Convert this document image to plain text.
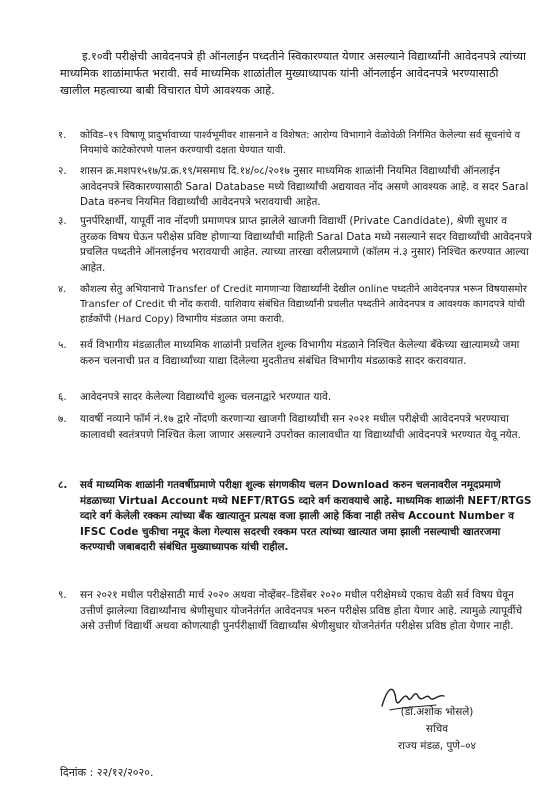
इ.१०वी परीक्षेची आवेदनपत्रे ही ऑनलाईन पध्दतीने स्विकारण्यात येणार असल्याने विद्यार्थ्यांनी आवेदनपत्रे त्यांच्या माध्यमिक शाळांमार्फत भरावी. सर्व माध्यमिक शाळांतील मुख्याध्यापक यांनी ऑनलाईन आवेदनपत्रे भरण्यासाठी खालील महत्वाच्या बाबी विचारात घेणे आवश्यक आहे.
१.	कोविड–१९ विषाणू प्रादुर्भावाच्या पार्श्वभूमीवर शासनाने व विशेषत: आरोग्य विभागाने वेळोवेळी निर्गमित केलेल्या सर्व सूचनांचे व नियमांचे काटेकोरपणे पालन करण्याची दक्षता घेण्यात यावी.
२.	शासन क्र.मशप१५१७/प्र.क्र.१९/मसमाध दि.१४/०८/२०१७ नुसार माध्यमिक शाळांनी नियमित विद्यार्थ्यांची ऑनलाईन आवेदनपत्रे स्विकारण्यासाठी Saral Database मध्ये विद्यार्थ्यांची अद्ययावत नोंद असणे आवश्यक आहे. व सदर Saral Data वरुनच नियमित विद्यार्थ्यांची आवेदनपत्रे भरावयाची आहेत.
३.	पुनर्परिक्षार्थी, यापूर्वी नाव नोंदणी प्रमाणपत्र प्राप्त झालेले खाजगी विद्यार्थी (Private Candidate), श्रेणी सुधार व तुरळक विषय घेऊन परीक्षेस प्रविष्ट होणाऱ्या विद्यार्थ्यांची माहिती Saral Data मध्ये नसल्याने सदर विद्यार्थ्यांची आवेदनपत्रे प्रचलित पध्दतीने ऑनलाईनच भरावयाची आहेत. त्याच्या तारखा वरीलप्रमाणे (कॉलम नं.३ नुसार) निश्चित करण्यात आल्या आहेत.
४.	कौशल्य सेतु अभियानाचे Transfer of Credit मागणाऱ्या विद्यार्थ्यांनी देखील online पध्दतीने आवेदनपत्र भरून विषयासमोर Transfer of Credit ची नोंद करावी. याशिवाय संबंधित विद्यार्थ्यांनी प्रचलीत पध्दतीने आवेदनपत्र व आवश्यक कागदपत्रे यांची हार्डकॉपी (Hard Copy) विभागीय मंडळात जमा करावी.
५.	सर्व विभागीय मंडळातील माध्यमिक शाळांनी प्रचलित शुल्क विभागीय मंडळाने निश्चित केलेल्या बँकेच्या खात्यामध्ये जमा करुन चलनाची प्रत व विद्यार्थ्यांच्या याद्या दिलेल्या मुदतीतच संबंधित विभागीय मंडळाकडे सादर करावयात.
६.	आवेदनपत्रे सादर केलेल्या विद्यार्थ्यांचे शुल्क चलनाद्वारे भरण्यात यावे.
७.	यावर्षी नव्याने फॉर्म नं.१७ द्वारे नोंदणी करणाऱ्या खाजगी विद्यार्थ्यांची सन २०२१ मधील परीक्षेची आवेदनपत्रे भरण्याचा कालावधी स्वतंत्रपणे निश्चित केला जाणार असल्याने उपरोक्त कालावधीत या विद्यार्थ्यांची आवेदनपत्रे भरण्यात येवू नयेत.
८.	सर्व माध्यमिक शाळांनी गतवर्षीप्रमाणे परीक्षा शुल्क संगणकीय चलन Download करुन चलनावरील नमूदप्रमाणे मंडळाच्या Virtual Account मध्ये NEFT/RTGS व्दारे वर्ग करावयाचे आहे. माध्यमिक शाळांनी NEFT/RTGS व्दारे वर्ग केलेली रक्कम त्यांच्या बँक खात्यातून प्रत्यक्ष वजा झाली आहे किंवा नाही तसेच Account Number व IFSC Code चुकीचा नमूद केला गेल्यास सदरची रक्कम परत त्यांच्या खात्यात जमा झाली नसल्याची खातरजमा करण्याची जबाबदारी संबंधित मुख्याध्यापक यांची राहील.
९.	सन २०२१ मधील परीक्षेसाठी मार्च २०२० अथवा नोव्हेंबर–डिसेंबर २०२० मधील परीक्षेमध्ये एकाच वेळी सर्व विषय घेवून उत्तीर्ण झालेल्या विद्यार्थ्यांनाच श्रेणीसुधार योजनेतंर्गत आवेदनपत्र भरुन परीक्षेस प्रविष्ठ होता येणार आहे. त्यामुळे त्यापूर्वीचे असे उत्तीर्ण विद्यार्थी अथवा कोणत्याही पुनर्परीक्षार्थी विद्यार्थ्यांस श्रेणीसुधार योजनेतंर्गत परीक्षेस प्रविष्ठ होता येणार नाही.
(डॉ.अशोक भोसले)
सचिव
राज्य मंडळ, पुणे–०४
दिनांक : २२/१२/२०२०.
